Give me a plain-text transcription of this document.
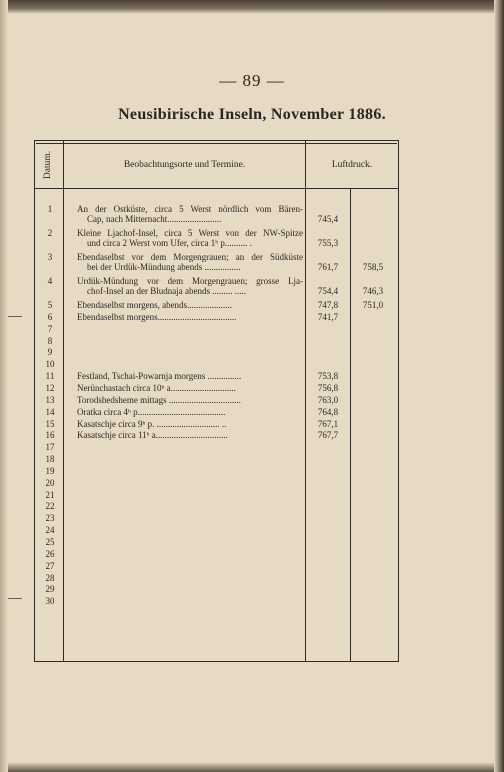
— 89 —
Neusibirische Inseln, November 1886.
Datum.	Beobachtungsorte und Termine.	Luftdruck.
1	An der Ostküste, circa 5 Werst nördlich vom Bären-
Cap, nach Mitternacht........................	745,4
2	Kleine Ljachof-Insel, circa 5 Werst von der NW-Spitze
und circa 2 Werst vom Ufer, circa 1ʰ p.......... .	755,3
3	Ebendaselbst vor dem Morgengrauen; an der Südküste
bei der Urdük-Mündung abends ................	761,7	758,5
4	Urdük-Mündung vor dem Morgengrauen; grosse Lja-
chof-Insel an der Bludnaja abends ......... .....	754,4	746,3
5	Ebendaselbst morgens, abends....................	747,8	751,0
6	Ebendaselbst morgens...................................	741,7
7
8
9
10
11	Festland, Tschai-Powarnja morgens ...............	753,8
12	Nerünchastach circa 10ʰ a.............................	756,8
13	Torodshedsheme mittags ................................	763,0
14	Oratka circa 4ʰ p.......................................	764,8
15	Kasatschje circa 9ʰ p. ............................ ..	767,1
16	Kasatschje circa 11ʰ a................................	767,7
17
18
19
20
21
22
23
24
25
26
27
28
29
30
